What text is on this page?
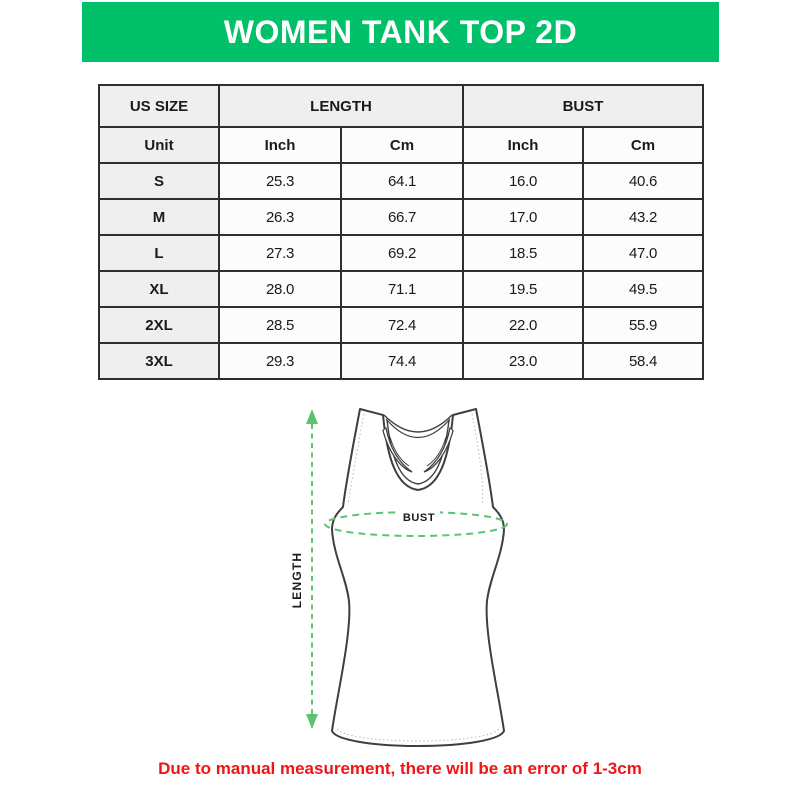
WOMEN TANK TOP 2D
US SIZE	LENGTH		BUST	
Unit	Inch	Cm	Inch	Cm
S	25.3	64.1	16.0	40.6
M	26.3	66.7	17.0	43.2
L	27.3	69.2	18.5	47.0
XL	28.0	71.1	19.5	49.5
2XL	28.5	72.4	22.0	55.9
3XL	29.3	74.4	23.0	58.4
LENGTH
BUST
Due to manual measurement, there will be an error of 1-3cm
